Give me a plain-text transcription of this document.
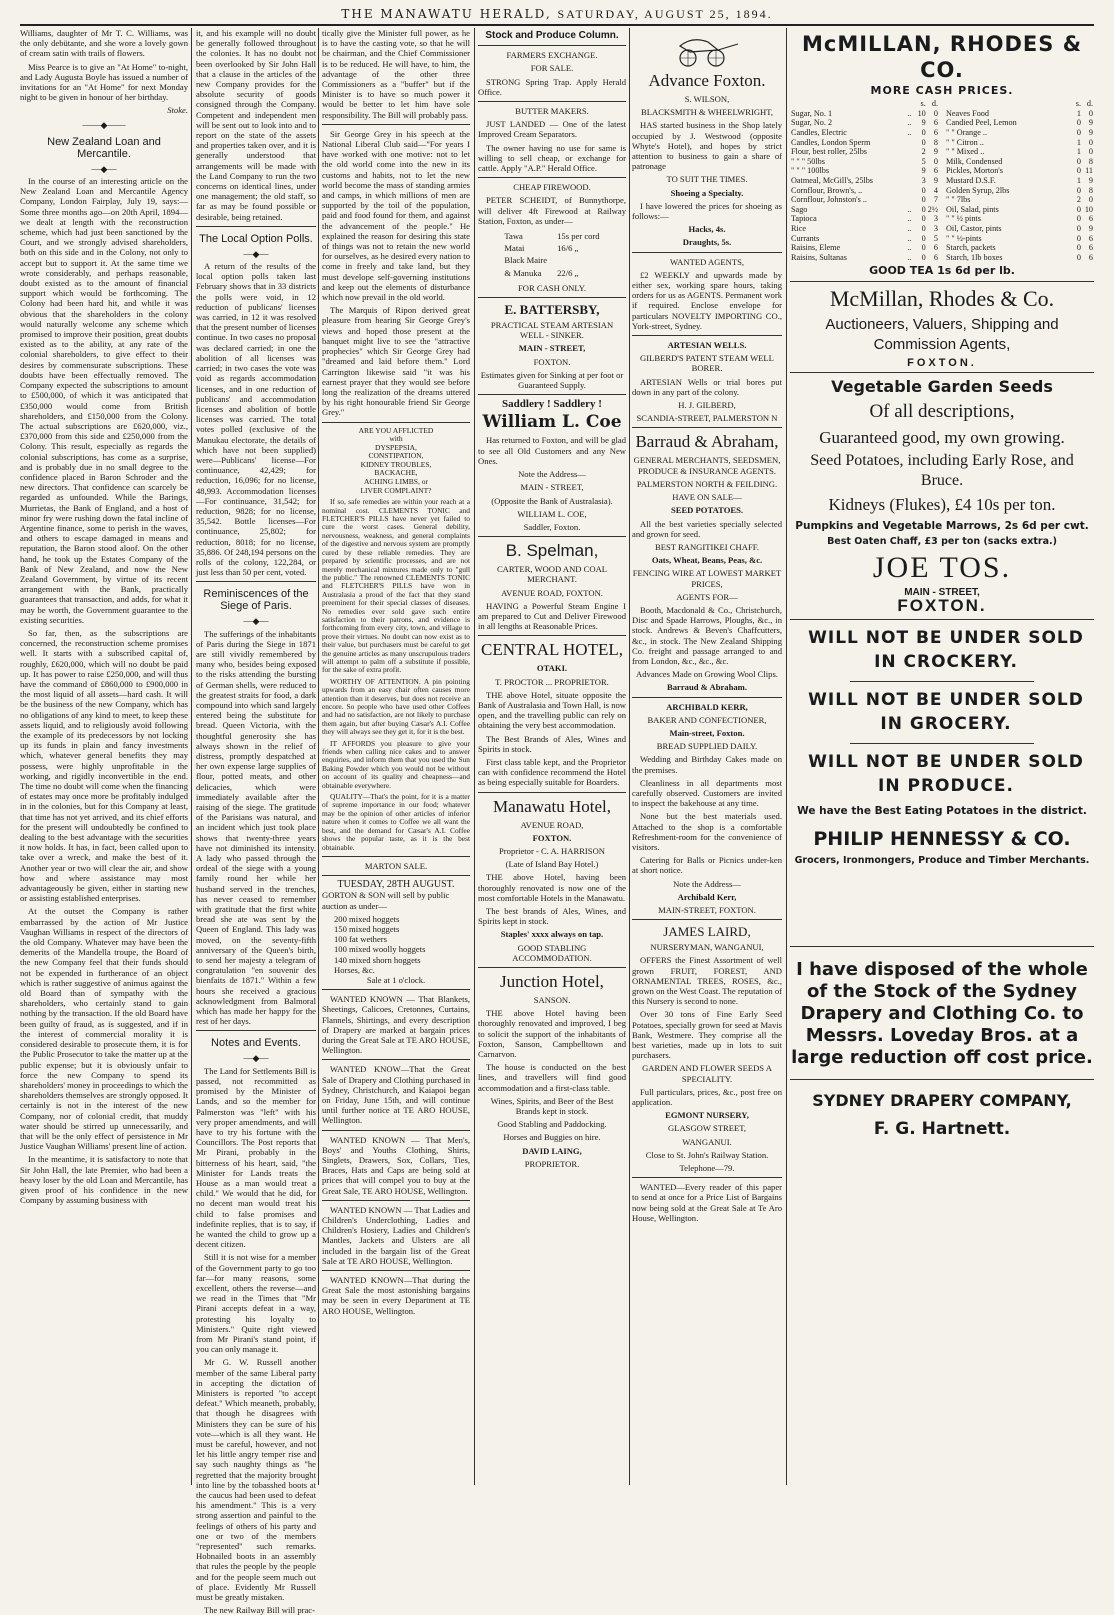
THE MANAWATU HERALD, SATURDAY, AUGUST 25, 1894.

Williams, daughter of Mr T. C. Williams, was the only debütante, and she wore a lovely gown of cream satin with trails of flowers.

Miss Pearce is to give an "At Home" to-night, and Lady Augusta Boyle has issued a number of invitations for an "At Home" for next Monday night to be given in honour of her birthday.

Stoke.
——◆——
New Zealand Loan and Mercantile.
—◆—

In the course of an interesting article on the New Zealand Loan and Mercantile Agency Company, London Fairplay, July 19, says:—Some three months ago—on 20th April, 1894—we dealt at length with the reconstruction scheme, which had just been sanctioned by the Court, and we strongly advised shareholders, both on this side and in the Colony, not only to accept but to support it. At the same time we wrote considerably, and perhaps reasonable, doubt existed as to the amount of financial support which would be forthcoming. The Colony had been hard hit, and while it was obvious that the shareholders in the colony would naturally welcome any scheme which promised to improve their position, great doubts existed as to the ability, at any rate of the colonial shareholders, to give effect to their desires by commensurate subscriptions. These doubts have been effectually removed. The Company expected the subscriptions to amount to £500,000, of which it was anticipated that £350,000 would come from British shareholders, and £150,000 from the Colony. The actual subscriptions are £620,000, viz., £370,000 from this side and £250,000 from the Colony. This result, especially as regards the colonial subscriptions, has come as a surprise, and is probably due in no small degree to the confidence placed in Baron Schroder and the new directors. That confidence can scarcely be regarded as unfounded. While the Barings, Murrietas, the Bank of England, and a host of minor fry were rushing down the fatal incline of Argentine finance, some to perish in the waves, and others to escape damaged in means and reputation, the Baron stood aloof. On the other hand, he took up the Estates Company of the Bank of New Zealand, and now the New Zealand Government, by virtue of its recent arrangement with the Bank, practically guarantees that transaction, and adds, for what it may be worth, the Government guarantee to the existing securities.

So far, then, as the subscriptions are concerned, the reconstruction scheme promises well. It starts with a subscribed capital of, roughly, £620,000, which will no doubt be paid up. It has power to raise £250,000, and will thus have the command of £860,000 to £900,000 in the most liquid of all assets—hard cash. It will be the business of the new Company, which has no obligations of any kind to meet, to keep these assets liquid, and to religiously avoid following the example of its predecessors by not locking up its funds in plain and fancy investments which, whatever general benefits they may possess, were highly unprofitable in the working, and rigidly inconvertible in the end. The time no doubt will come when the financing of estates may once more be profitably indulged in in the colonies, but for this Company at least, that time has not yet arrived, and its chief efforts for the present will undoubtedly be confined to dealing to the best advantage with the securities it now holds. It has, in fact, been called upon to take over a wreck, and make the best of it. Another year or two will clear the air, and show how and where assistance may most advantageously be given, either in starting new or assisting established enterprises.

At the outset the Company is rather embarrassed by the action of Mr Justice Vaughan Williams in respect of the directors of the old Company. Whatever may have been the demerits of the Mandella troupe, the Board of the new Company feel that their funds should not be expended in furtherance of an object which is rather suggestive of animus against the old Board than of sympathy with the shareholders, who certainly stand to gain nothing by the transaction. If the old Board have been guilty of fraud, as is suggested, and if in the interest of commercial morality it is considered desirable to prosecute them, it is for the Public Prosecutor to take the matter up at the public expense; but it is obviously unfair to force the new Company to spend its shareholders' money in proceedings to which the shareholders themselves are strongly opposed. It certainly is not in the interest of the new Company, nor of colonial credit, that muddy water should be stirred up unnecessarily, and that will be the only effect of persistence in Mr Justice Vaughan Williams' present line of action.

In the meantime, it is satisfactory to note that Sir John Hall, the late Premier, who had been a heavy loser by the old Loan and Mercantile, has given proof of his confidence in the new Company by assuming business with

it, and his example will no doubt be generally followed throughout the colonies. It has no doubt not been overlooked by Sir John Hall that a clause in the articles of the new Company provides for the absolute security of goods consigned through the Company. Competent and independent men will be sent out to look into and to report on the state of the assets and properties taken over, and it is generally understood that arrangements will be made with the Land Company to run the two concerns on identical lines, under one management; the old staff, so far as may be found possible or desirable, being retained.

The Local Option Polls.
—◆—

A return of the results of the local option polls taken last February shows that in 33 districts the polls were void, in 12 reduction of publicans' licenses was carried, in 12 it was resolved that the present number of licenses continue. In two cases no proposal was declared carried; in one the abolition of all licenses was carried; in two cases the vote was void as regards accommodation licenses, and in one reduction of publicans' and accommodation licenses and abolition of bottle licenses was carried. The total votes polled (exclusive of the Manukau electorate, the details of which have not been supplied) were—Publicans' license—For continuance, 42,429; for reduction, 16,096; for no license, 48,993. Accommodation licenses—For continuance, 31,542; for reduction, 9828; for no license, 35,542. Bottle licenses—For continuance, 25,802; for reduction, 8018; for no license, 35,886. Of 248,194 persons on the rolls of the colony, 122,284, or just less than 50 per cent, voted.

Reminiscences of the Siege of Paris.
—◆—

The sufferings of the inhabitants of Paris during the Siege in 1871 are still vividly remembered by many who, besides being exposed to the risks attending the bursting of German shells, were reduced to the greatest straits for food, a dark compound into which sand largely entered being the substitute for bread. Queen Victoria, with the thoughtful generosity she has always shown in the relief of distress, promptly despatched at her own expense large supplies of flour, potted meats, and other delicacies, which were immediately available after the raising of the siege. The gratitude of the Parisians was natural, and an incident which just took place shows that twenty-three years have not diminished its intensity. A lady who passed through the ordeal of the siege with a young family round her while her husband served in the trenches, has never ceased to remember with gratitude that the first white bread she ate was sent by the Queen of England. This lady was moved, on the seventy-fifth anniversary of the Queen's birth, to send her majesty a telegram of congratulation "en souvenir des bienfaits de 1871." Within a few hours she received a gracious acknowledgment from Balmoral which has made her happy for the rest of her days.

Notes and Events.
—◆—

The Land for Settlements Bill is passed, not recommitted as promised by the Minister of Lands, and so the member for Palmerston was "left" with his very proper amendments, and will have to try his fortune with the Councillors. The Post reports that Mr Pirani, probably in the bitterness of his heart, said, "the Minister for Lands treats the House as a man would treat a child." We would that he did, for no decent man would treat his child to false promises and indefinite replies, that is to say, if he wanted the child to grow up a decent citizen.

Still it is not wise for a member of the Government party to go too far—for many reasons, some excellent, others the reverse—and we read in the Times that "Mr Pirani accepts defeat in a way, protesting his loyalty to Ministers." Quite right viewed from Mr Pirani's stand point, if you can only manage it.

Mr G. W. Russell another member of the same Liberal party in accepting the dictation of Ministers is reported "to accept defeat." Which meaneth, probably, that though he disagrees with Ministers they can be sure of his vote—which is all they want. He must be careful, however, and not let his little angry temper rise and say such naughty things as "he regretted that the majority brought into line by the tobasshed boots at the caucus had been used to defeat his amendment." This is a very strong assertion and painful to the feelings of others of his party and one or two of the members "represented" such remarks. Hobnailed boots in an assembly that rules the people by the people and for the people seem much out of place. Evidently Mr Russell must be greatly mistaken.

The new Railway Bill will prac-

tically give the Minister full power, as he is to have the casting vote, so that he will be chairman, and the Chief Commissioner is to be reduced. He will have, to him, the advantage of the other three Commissioners as a "buffer" but if the Minister is to have so much power it would be better to let him have sole responsibility. The Bill will probably pass.

Sir George Grey in his speech at the National Liberal Club said—"For years I have worked with one motive: not to let the old world come into the new in its customs and habits, not to let the new world become the mass of standing armies and camps, in which millions of men are supported by the toil of the population, paid and food found for them, and against the advancement of the people." He explained the reason for desiring this state of things was not to retain the new world for ourselves, as he desired every nation to come in freely and take land, but they must develope self-governing institutions and keep out the elements of disturbance which now prevail in the old world.

The Marquis of Ripon derived great pleasure from hearing Sir George Grey's views and hoped those present at the banquet might live to see the "attractive prophecies" which Sir George Grey had "dreamed and laid before them." Lord Carrington likewise said "it was his earnest prayer that they would see before long the realization of the dreams uttered by his right honourable friend Sir George Grey."

ARE YOU AFFLICTED
with
DYSPEPSIA,
CONSTIPATION,
KIDNEY TROUBLES,
BACKACHE,
ACHING LIMBS, or
LIVER COMPLAINT?

If so, safe remedies are within your reach at a nominal cost. CLEMENTS TONIC and FLETCHER'S PILLS have never yet failed to cure the worst cases. General debility, nervousness, weakness, and general complaints of the digestive and nervous system are promptly cured by these reliable remedies. They are prepared by scientific processes, and are not merely mechanical mixtures made only to "gull the public." The renowned CLEMENTS TONIC and FLETCHER'S PILLS have won in Australasia a proud of the fact that they stand preeminent for their special classes of diseases. No remedies ever sold gave such entire satisfaction to their patrons, and evidence is forthcoming from every city, town, and village to prove their virtues. No doubt can now exist as to their value, but purchasers must be careful to get the genuine articles as many unscrupulous traders will attempt to palm off a substitute if possible, for the sake of extra profit.

WORTHY OF ATTENTION. A pin pointing upwards from an easy chair often causes more attention than it deserves, but does not receive an encore. So people who have used other Coffees and had no satisfaction, are not likely to purchase them again, but after buying Cæsar's A.I. Coffee they will always see they get it, for it is the best.

IT AFFORDS you pleasure to give your friends when calling nice cakes and to answer enquiries, and inform them that you used the Sun Baking Powder which you would not be without on account of its quality and cheapness—and obtainable everywhere.

QUALITY—That's the point, for it is a matter of supreme importance in our food; whatever may be the opinion of other articles of inferior nature when it comes to Coffee we all want the best, and the demand for Cæsar's A.I. Coffee shows the popular taste, as it is the best obtainable.

MARTON SALE.
TUESDAY, 28TH AUGUST.

GORTON & SON will sell by public auction as under—

200 mixed hoggets
150 mixed hoggets
100 fat wethers
100 mixed woolly hoggets
140 mixed shorn hoggets
Horses, &c.
Sale at 1 o'clock.

WANTED KNOWN — That Blankets, Sheetings, Calicoes, Cretonnes, Curtains, Flannels, Shirtings, and every description of Drapery are marked at bargain prices during the Great Sale at TE ARO HOUSE, Wellington.

WANTED KNOW—That the Great Sale of Drapery and Clothing purchased in Sydney, Christchurch, and Kaiapoi began on Friday, June 15th, and will continue until further notice at TE ARO HOUSE, Wellington.

WANTED KNOWN — That Men's, Boys' and Youths Clothing, Shirts, Singlets, Drawers, Sox, Collars, Ties, Braces, Hats and Caps are being sold at prices that will compel you to buy at the Great Sale, TE ARO HOUSE, Wellington.

WANTED KNOWN — That Ladies and Children's Underclothing, Ladies and Children's Hosiery, Ladies and Children's Mantles, Jackets and Ulsters are all included in the bargain list of the Great Sale at TE ARO HOUSE, Wellington.

WANTED KNOWN—That during the Great Sale the most astonishing bargains may be seen in every Department at TE ARO HOUSE, Wellington.

Stock and Produce Column.
FARMERS EXCHANGE.
FOR SALE.

STRONG Spring Trap. Apply Herald Office.

BUTTER MAKERS.

JUST LANDED — One of the latest Improved Cream Separators.

The owner having no use for same is willing to sell cheap, or exchange for cattle. Apply "A.P." Herald Office.

CHEAP FIREWOOD.

PETER SCHEIDT, of Bunnythorpe, will deliver 4ft Firewood at Railway Station, Foxton, as under—

Tawa	15s per cord
Matai	16/6 „
Black Maire	
& Manuka	22/6 „
FOR CASH ONLY.
E. BATTERSBY,
PRACTICAL STEAM ARTESIAN WELL - SINKER.
MAIN - STREET,
FOXTON.

Estimates given for Sinking at per foot or Guaranteed Supply.

Saddlery ! Saddlery !
William L. Coe

Has returned to Foxton, and will be glad to see all Old Customers and any New Ones.

Note the Address—
MAIN - STREET,
(Opposite the Bank of Australasia).
WILLIAM L. COE,
Saddler, Foxton.
B. Spelman,
CARTER, WOOD AND COAL MERCHANT.
AVENUE ROAD, FOXTON.

HAVING a Powerful Steam Engine I am prepared to Cut and Deliver Firewood in all lengths at Reasonable Prices.

CENTRAL HOTEL,
OTAKI.
T. PROCTOR ... PROPRIETOR.

THE above Hotel, situate opposite the Bank of Australasia and Town Hall, is now open, and the travelling public can rely on obtaining the very best accommodation.

The Best Brands of Ales, Wines and Spirits in stock.

First class table kept, and the Proprietor can with confidence recommend the Hotel as being especially suitable for Boarders.

Manawatu Hotel,
AVENUE ROAD,
FOXTON.
Proprietor - C. A. HARRISON
(Late of Island Bay Hotel.)

THE above Hotel, having been thoroughly renovated is now one of the most comfortable Hotels in the Manawatu.

The best brands of Ales, Wines, and Spirits kept in stock.

Staples' xxxx always on tap.
GOOD STABLING ACCOMMODATION.
Junction Hotel,
SANSON.

THE above Hotel having been thoroughly renovated and improved, I beg to solicit the support of the inhabitants of Foxton, Sanson, Campbelltown and Carnarvon.

The house is conducted on the best lines, and travellers will find good accommodation and a first-class table.

Wines, Spirits, and Beer of the Best Brands kept in stock.
Good Stabling and Paddocking.
Horses and Buggies on hire.
DAVID LAING,
PROPRIETOR.
Advance Foxton.
S. WILSON,
BLACKSMITH & WHEELWRIGHT,

HAS started business in the Shop lately occupied by J. Westwood (opposite Whyte's Hotel), and hopes by strict attention to business to gain a share of patronage

TO SUIT THE TIMES.
Shoeing a Specialty.

I have lowered the prices for shoeing as follows:—

Hacks, 4s.
Draughts, 5s.
WANTED AGENTS,

£2 WEEKLY and upwards made by either sex, working spare hours, taking orders for us as AGENTS. Permanent work if required. Enclose envelope for particulars NOVELTY IMPORTING CO., York-street, Sydney.

ARTESIAN WELLS.
GILBERD'S PATENT STEAM WELL BORER.

ARTESIAN Wells or trial bores put down in any part of the colony.

H. J. GILBERD,
SCANDIA-STREET, PALMERSTON N
Barraud & Abraham,
GENERAL MERCHANTS, SEEDSMEN, PRODUCE & INSURANCE AGENTS.
PALMERSTON NORTH & FEILDING.
HAVE ON SALE—
SEED POTATOES.

All the best varieties specially selected and grown for seed.

BEST RANGITIKEI CHAFF.
Oats, Wheat, Beans, Peas, &c.
FENCING WIRE AT LOWEST MARKET PRICES,
AGENTS FOR—

Booth, Macdonald & Co., Christchurch, Disc and Spade Harrows, Ploughs, &c., in stock. Andrews & Beven's Chaffcutters, &c., in stock. The New Zealand Shipping Co. freight and passage arranged to and from London, &c., &c., &c.

Advances Made on Growing Wool Clips.
Barraud & Abraham.
ARCHIBALD KERR,
BAKER AND CONFECTIONER,
Main-street, Foxton.
BREAD SUPPLIED DAILY.

Wedding and Birthday Cakes made on the premises.

Cleanliness in all departments most carefully observed. Customers are invited to inspect the bakehouse at any time.

None but the best materials used. Attached to the shop is a comfortable Refreshment-room for the convenience of visitors.

Catering for Balls or Picnics under-ken at short notice.

Note the Address—
Archibald Kerr,
MAIN-STREET, FOXTON.
JAMES LAIRD,
NURSERYMAN, WANGANUI,

OFFERS the Finest Assortment of well grown FRUIT, FOREST, AND ORNAMENTAL TREES, ROSES, &c., grown on the West Coast. The reputation of this Nursery is second to none.

Over 30 tons of Fine Early Seed Potatoes, specially grown for seed at Mavis Bank, Westmere. They comprise all the best varieties, made up in lots to suit purchasers.

GARDEN AND FLOWER SEEDS A SPECIALITY.

Full particulars, prices, &c., post free on application.

EGMONT NURSERY,
GLASGOW STREET,
WANGANUI.
Close to St. John's Railway Station.
Telephone—79.

WANTED—Every reader of this paper to send at once for a Price List of Bargains now being sold at the Great Sale at Te Aro House, Wellington.

McMILLAN, RHODES & CO.
MORE CASH PRICES.
		s.	d.
Sugar, No. 1	..	10	0
Sugar, No. 2	..	9	6
Candles, Electric	..	0	6
Candles, London Sperm		0	8
Flour, best roller, 25lbs		2	9
" " " 50lbs		5	0
" " " 100lbs		9	6
Oatmeal, McGill's, 25lbs		3	9
Cornflour, Brown's, ..		0	4
Cornflour, Johnston's ..		0	7
Sago	..	0	2½
Tapioca	..	0	3
Rice	..	0	3
Currants	..	0	5
Raisins, Eleme	..	0	6
Raisins, Sultanas	..	0	6
	s.	d.
Neaves Food	1	0
Candied Peel, Lemon	0	9
" " Orange ..	0	9
" " Citron ..	1	0
" " Mixed ..	1	0
Milk, Condensed	0	8
Pickles, Morton's	0	11
Mustard D.S.F.	1	9
Golden Syrup, 2lbs	0	8
" " 7lbs	2	0
Oil, Salad, pints	0	10
" " ½ pints	0	6
Oil, Castor, pints	0	9
" " ½-pints	0	6
Starch, packets	0	6
Starch, 1lb boxes	0	6
GOOD TEA 1s 6d per lb.
McMillan, Rhodes & Co.
Auctioneers, Valuers, Shipping and Commission Agents,
FOXTON.
Vegetable Garden Seeds
Of all descriptions,
Guaranteed good, my own growing.
Seed Potatoes, including Early Rose, and Bruce.
Kidneys (Flukes), £4 10s per ton.
Pumpkins and Vegetable Marrows, 2s 6d per cwt.
Best Oaten Chaff, £3 per ton (sacks extra.)
JOE TOS.
MAIN - STREET,
FOXTON.

WILL NOT BE UNDER SOLD

IN CROCKERY.

WILL NOT BE UNDER SOLD

IN GROCERY.

WILL NOT BE UNDER SOLD

IN PRODUCE.

We have the Best Eating Potatoes in the district.
PHILIP HENNESSY & CO.
Grocers, Ironmongers, Produce and Timber Merchants.
I have disposed of the whole of the Stock of the Sydney Drapery and Clothing Co. to Messrs. Loveday Bros. at a large reduction off cost price.
SYDNEY DRAPERY COMPANY,
F. G. Hartnett.
